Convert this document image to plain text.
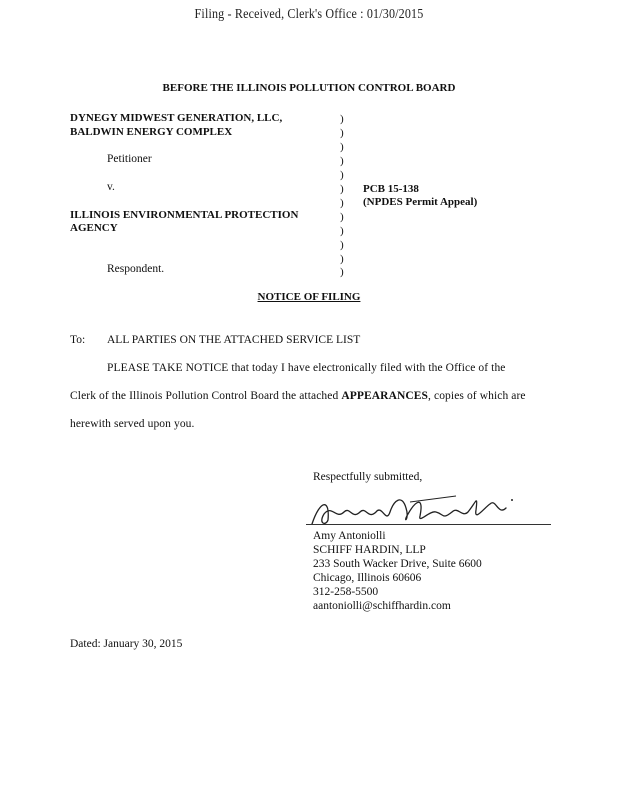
Filing - Received, Clerk's Office : 01/30/2015
BEFORE THE ILLINOIS POLLUTION CONTROL BOARD
DYNEGY MIDWEST GENERATION, LLC,
BALDWIN ENERGY COMPLEX
Petitioner
v.
ILLINOIS ENVIRONMENTAL PROTECTION
AGENCY
Respondent.
)
)
)
)
)
)
)
)
)
)
)
)
PCB 15-138
(NPDES Permit Appeal)
NOTICE OF FILING
To: ALL PARTIES ON THE ATTACHED SERVICE LIST
PLEASE TAKE NOTICE that today I have electronically filed with the Office of the
Clerk of the Illinois Pollution Control Board the attached APPEARANCES, copies of which are
herewith served upon you.
Respectfully submitted,
Amy Antoniolli
SCHIFF HARDIN, LLP
233 South Wacker Drive, Suite 6600
Chicago, Illinois 60606
312-258-5500
aantoniolli@schiffhardin.com
Dated: January 30, 2015
